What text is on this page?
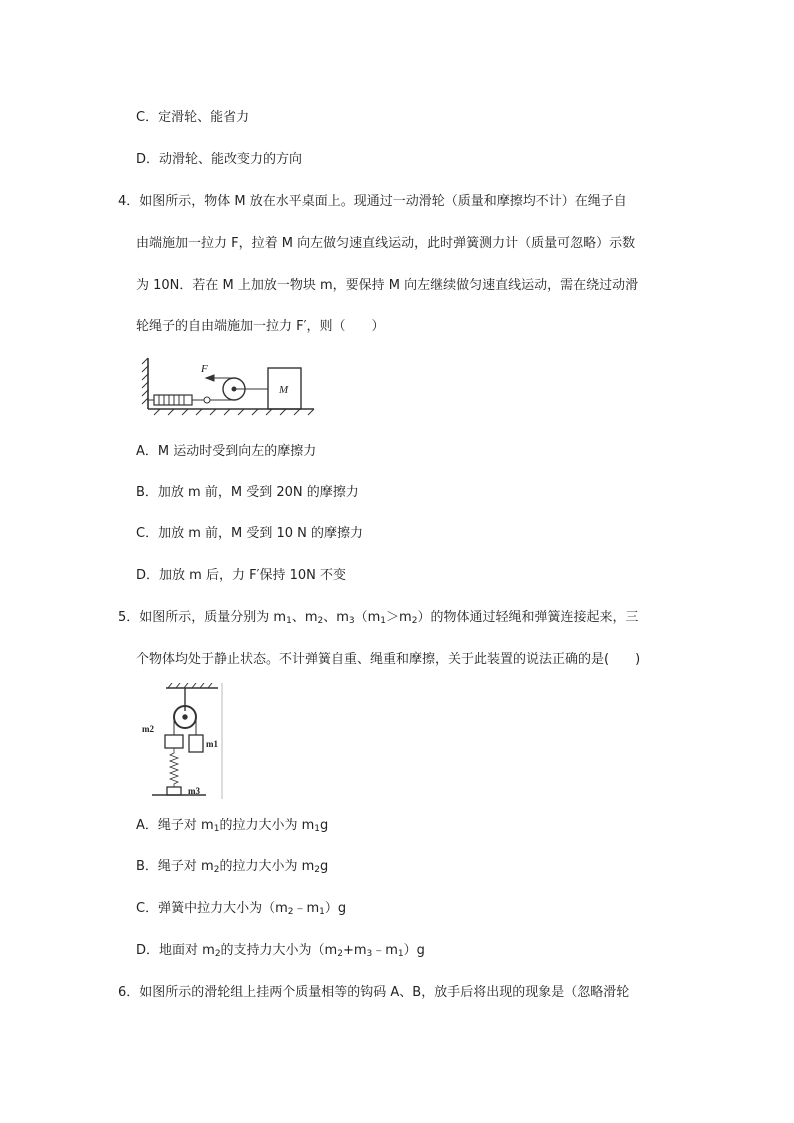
C．定滑轮、能省力
D．动滑轮、能改变力的方向
4．如图所示，物体 M 放在水平桌面上。现通过一动滑轮（质量和摩擦均不计）在绳子自
由端施加一拉力 F，拉着 M 向左做匀速直线运动，此时弹簧测力计（质量可忽略）示数
为 10N．若在 M 上加放一物块 m，要保持 M 向左继续做匀速直线运动，需在绕过动滑
轮绳子的自由端施加一拉力 F′，则（　　）
F
M
A．M 运动时受到向左的摩擦力
B．加放 m 前，M 受到 20N 的摩擦力
C．加放 m 前，M 受到 10 N 的摩擦力
D．加放 m 后，力 F′保持 10N 不变
5．如图所示，质量分别为 $m_1$、$m_2$、$m_3(m_1>m_2)$的物体通过轻绳和弹簧连接起来，三
个物体均处于静止状态。不计弹簧自重、绳重和摩擦，关于此装置的说法正确的是(　　)
m2
m1
m3
A．绳子对 $m_1$的拉力大小为 $m_1g$
B．绳子对 $m_2$的拉力大小为 $m_2g$
C．弹簧中拉力大小为$(m_2﹣m_1)g$
D．地面对 $m_2$的支持力大小为$(m_2+m_3﹣m_1)g$
6．如图所示的滑轮组上挂两个质量相等的钩码 A、B，放手后将出现的现象是（忽略滑轮
